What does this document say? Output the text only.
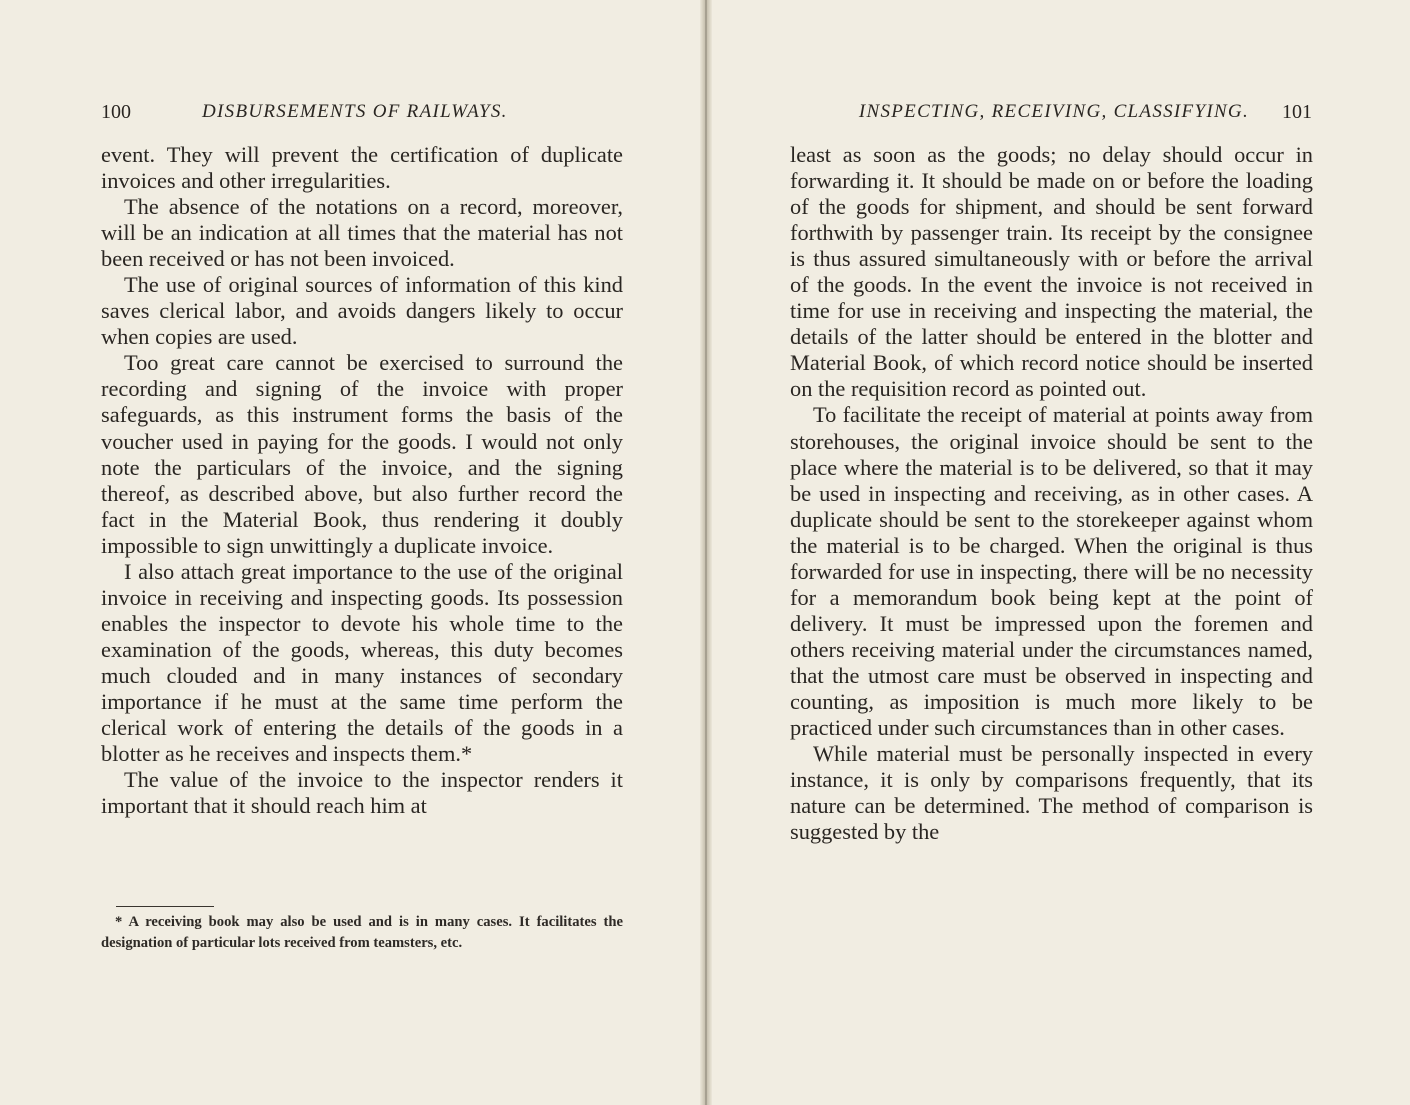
100	DISBURSEMENTS OF RAILWAYS.

event. They will prevent the certification of duplicate invoices and other irregularities.

The absence of the notations on a record, moreover, will be an indication at all times that the material has not been received or has not been invoiced.

The use of original sources of information of this kind saves clerical labor, and avoids dangers likely to occur when copies are used.

Too great care cannot be exercised to surround the recording and signing of the invoice with proper safeguards, as this instrument forms the basis of the voucher used in paying for the goods. I would not only note the particulars of the invoice, and the signing thereof, as described above, but also further record the fact in the Material Book, thus rendering it doubly impossible to sign unwittingly a duplicate invoice.

I also attach great importance to the use of the original invoice in receiving and inspecting goods. Its possession enables the inspector to devote his whole time to the examination of the goods, whereas, this duty becomes much clouded and in many instances of secondary importance if he must at the same time perform the clerical work of entering the details of the goods in a blotter as he receives and inspects them.*

The value of the invoice to the inspector renders it important that it should reach him at

* A receiving book may also be used and is in many cases. It facilitates the designation of particular lots received from teamsters, etc.
INSPECTING, RECEIVING, CLASSIFYING. 101

least as soon as the goods; no delay should occur in forwarding it. It should be made on or before the loading of the goods for shipment, and should be sent forward forthwith by passenger train. Its receipt by the consignee is thus assured simultaneously with or before the arrival of the goods. In the event the invoice is not received in time for use in receiving and inspecting the material, the details of the latter should be entered in the blotter and Material Book, of which record notice should be inserted on the requisition record as pointed out.

To facilitate the receipt of material at points away from storehouses, the original invoice should be sent to the place where the material is to be delivered, so that it may be used in inspecting and receiving, as in other cases. A duplicate should be sent to the storekeeper against whom the material is to be charged. When the original is thus forwarded for use in inspecting, there will be no necessity for a memorandum book being kept at the point of delivery. It must be impressed upon the foremen and others receiving material under the circumstances named, that the utmost care must be observed in inspecting and counting, as imposition is much more likely to be practiced under such circumstances than in other cases.

While material must be personally inspected in every instance, it is only by comparisons frequently, that its nature can be determined. The method of comparison is suggested by the
